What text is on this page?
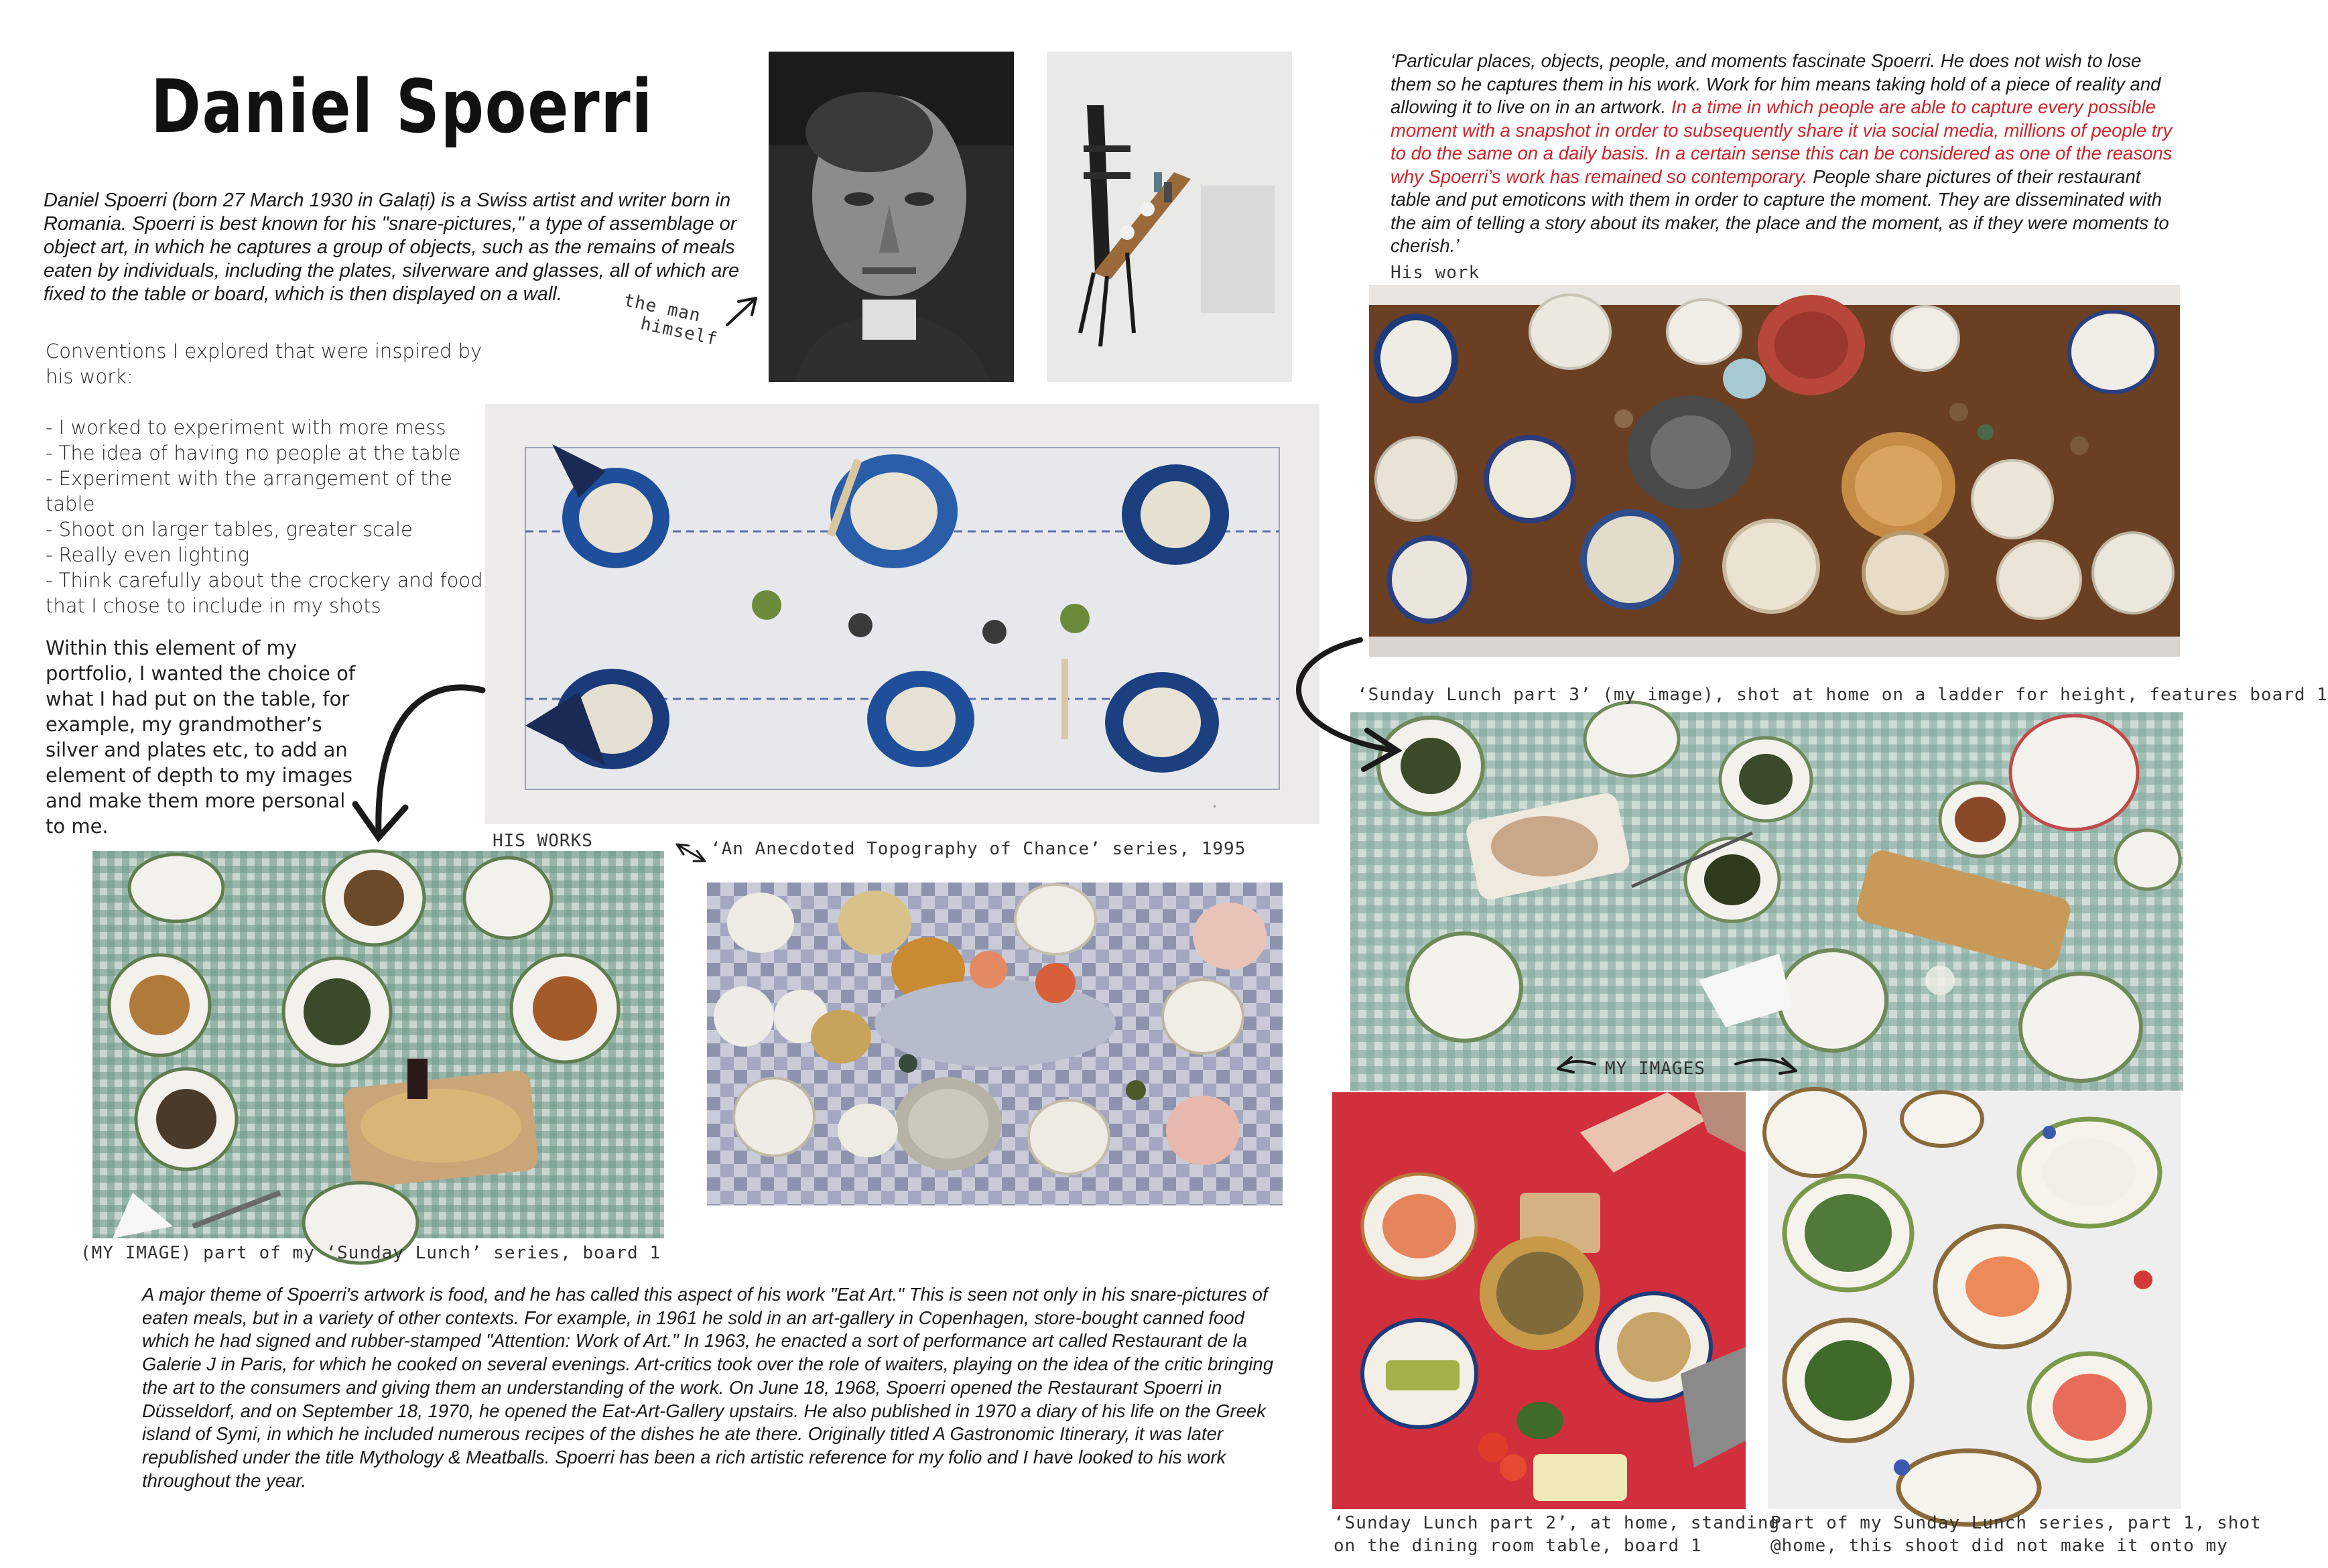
Daniel Spoerri
Daniel Spoerri (born 27 March 1930 in Galați) is a Swiss artist and writer born in Romania. Spoerri is best known for his "snare-pictures," a type of assemblage or object art, in which he captures a group of objects, such as the remains of meals eaten by individuals, including the plates, silverware and glasses, all of which are fixed to the table or board, which is then displayed on a wall.
Conventions I explored that were inspired by his work:
- I worked to experiment with more mess
- The idea of having no people at the table
- Experiment with the arrangement of the table
- Shoot on larger tables, greater scale
- Really even lighting
- Think carefully about the crockery and food that I chose to include in my shots
Within this element of my portfolio, I wanted the choice of what I had put on the table, for example, my grandmother’s silver and plates etc, to add an element of depth to my images and make them more personal to me.
‘Particular places, objects, people, and moments fascinate Spoerri. He does not wish to lose them so he captures them in his work. Work for him means taking hold of a piece of reality and allowing it to live on in an artwork. In a time in which people are able to capture every possible moment with a snapshot in order to subsequently share it via social media, millions of people try to do the same on a daily basis. In a certain sense this can be considered as one of the reasons why Spoerri’s work has remained so contemporary. People share pictures of their restaurant table and put emoticons with them in order to capture the moment. They are disseminated with the aim of telling a story about its maker, the place and the moment, as if they were moments to cherish.’
A major theme of Spoerri's artwork is food, and he has called this aspect of his work "Eat Art." This is seen not only in his snare-pictures of eaten meals, but in a variety of other contexts. For example, in 1961 he sold in an art-gallery in Copenhagen, store-bought canned food which he had signed and rubber-stamped "Attention: Work of Art." In 1963, he enacted a sort of performance art called Restaurant de la Galerie J in Paris, for which he cooked on several evenings. Art-critics took over the role of waiters, playing on the idea of the critic bringing the art to the consumers and giving them an understanding of the work. On June 18, 1968, Spoerri opened the Restaurant Spoerri in Düsseldorf, and on September 18, 1970, he opened the Eat-Art-Gallery upstairs. He also published in 1970 a diary of his life on the Greek island of Symi, in which he included numerous recipes of the dishes he ate there. Originally titled A Gastronomic Itinerary, it was later republished under the title Mythology & Meatballs. Spoerri has been a rich artistic reference for my folio and I have looked to his work throughout the year.
•
the man
himself
His work
HIS WORKS	‘An Anecdoted Topography of Chance’ series, 1995
‘Sunday Lunch part 3’ (my image), shot at home on a ladder for height, features board 1
(MY IMAGE) part of my ‘Sunday Lunch’ series, board 1
MY IMAGES
‘Sunday Lunch part 2’, at home, standing
on the dining room table, board 1
Part of my Sunday Lunch series, part 1, shot
@home, this shoot did not make it onto my
